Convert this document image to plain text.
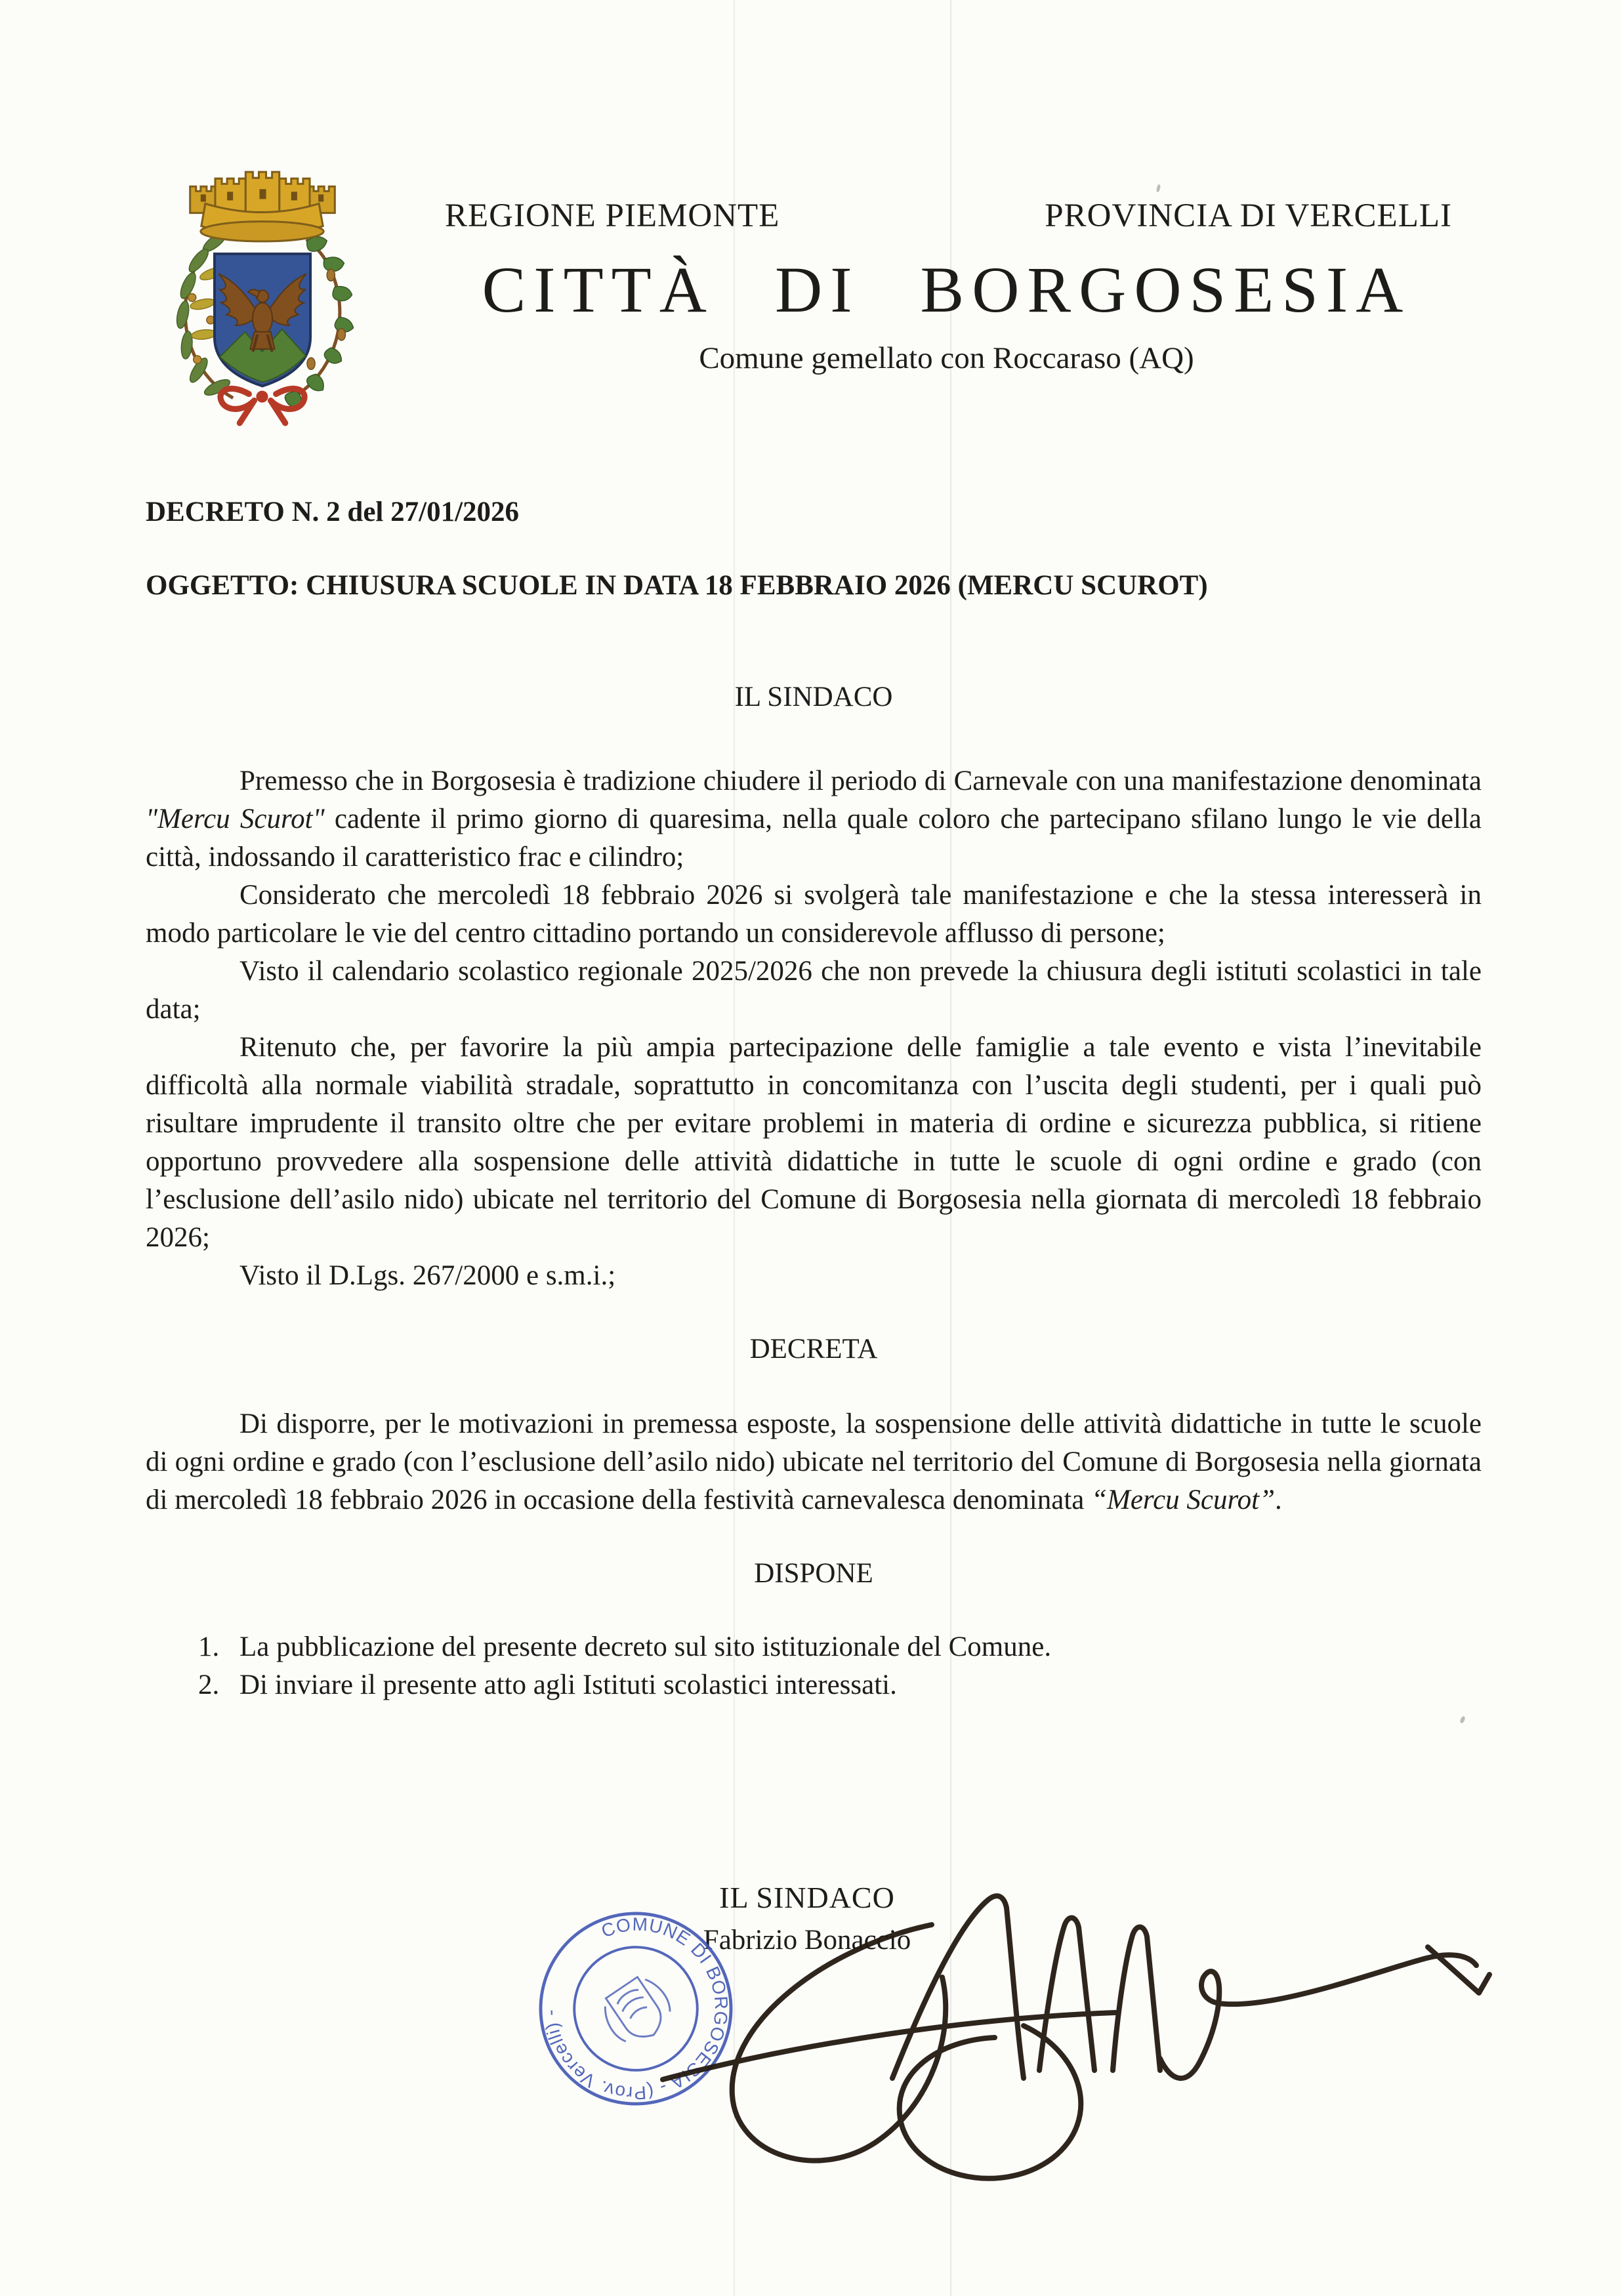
REGIONE PIEMONTE	PROVINCIA DI VERCELLI
CITTÀ DI BORGOSESIA
Comune gemellato con Roccaraso (AQ)
DECRETO N. 2 del 27/01/2026
OGGETTO: CHIUSURA SCUOLE IN DATA 18 FEBBRAIO 2026 (MERCU SCUROT)
IL SINDACO

Premesso che in Borgosesia è tradizione chiudere il periodo di Carnevale con una manifestazione denominata "Mercu Scurot" cadente il primo giorno di quaresima, nella quale coloro che partecipano sfilano lungo le vie della città, indossando il caratteristico frac e cilindro;

Considerato che mercoledì 18 febbraio 2026 si svolgerà tale manifestazione e che la stessa interesserà in modo particolare le vie del centro cittadino portando un considerevole afflusso di persone;

Visto il calendario scolastico regionale 2025/2026 che non prevede la chiusura degli istituti scolastici in tale data;

Ritenuto che, per favorire la più ampia partecipazione delle famiglie a tale evento e vista l’inevitabile difficoltà alla normale viabilità stradale, soprattutto in concomitanza con l’uscita degli studenti, per i quali può risultare imprudente il transito oltre che per evitare problemi in materia di ordine e sicurezza pubblica, si ritiene opportuno provvedere alla sospensione delle attività didattiche in tutte le scuole di ogni ordine e grado (con l’esclusione dell’asilo nido) ubicate nel territorio del Comune di Borgosesia nella giornata di mercoledì 18 febbraio 2026;

Visto il D.Lgs. 267/2000 e s.m.i.;

DECRETA

Di disporre, per le motivazioni in premessa esposte, la sospensione delle attività didattiche in tutte le scuole di ogni ordine e grado (con l’esclusione dell’asilo nido) ubicate nel territorio del Comune di Borgosesia nella giornata di mercoledì 18 febbraio 2026 in occasione della festività carnevalesca denominata “Mercu Scurot”.

DISPONE
1. La pubblicazione del presente decreto sul sito istituzionale del Comune.
2. Di inviare il presente atto agli Istituti scolastici interessati.
IL SINDACO
Fabrizio Bonaccio
COMUNE DI BORGOSESIA - (Prov. Vercelli) -
